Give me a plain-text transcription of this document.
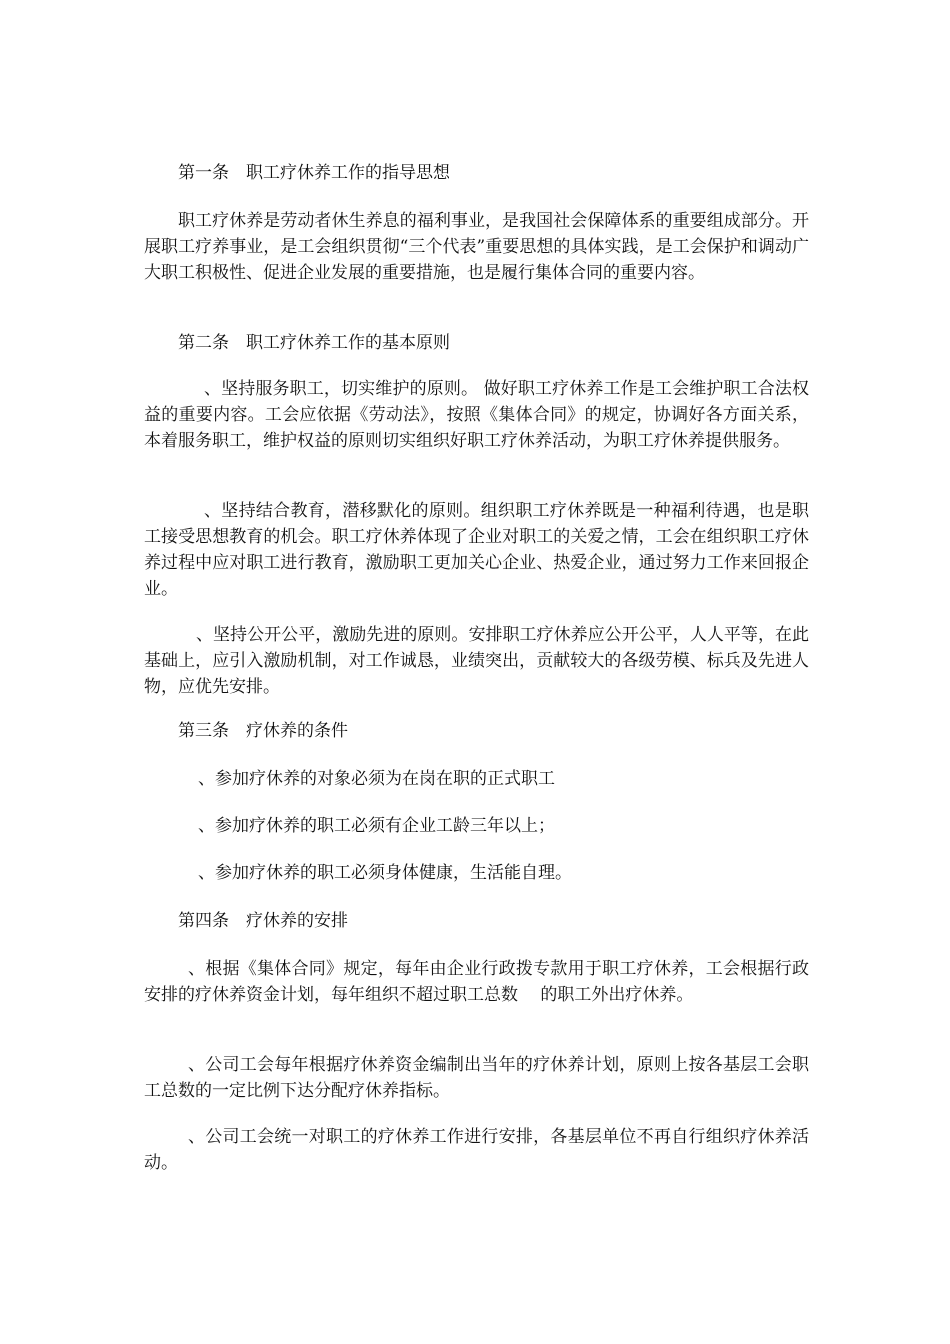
第一条　职工疗休养工作的指导思想

职工疗休养是劳动者休生养息的福利事业，是我国社会保障体系的重要组成部分。开展职工疗养事业，是工会组织贯彻“三个代表”重要思想的具体实践，是工会保护和调动广大职工积极性、促进企业发展的重要措施，也是履行集体合同的重要内容。

第二条　职工疗休养工作的基本原则

、坚持服务职工，切实维护的原则。 做好职工疗休养工作是工会维护职工合法权益的重要内容。工会应依据《劳动法》，按照《集体合同》的规定，协调好各方面关系，本着服务职工，维护权益的原则切实组织好职工疗休养活动，为职工疗休养提供服务。

、坚持结合教育，潜移默化的原则。组织职工疗休养既是一种福利待遇，也是职工接受思想教育的机会。职工疗休养体现了企业对职工的关爱之情，工会在组织职工疗休养过程中应对职工进行教育，激励职工更加关心企业、热爱企业，通过努力工作来回报企业。

、坚持公开公平，激励先进的原则。安排职工疗休养应公开公平，人人平等，在此基础上，应引入激励机制，对工作诚恳，业绩突出，贡献较大的各级劳模、标兵及先进人物，应优先安排。

第三条　疗休养的条件

、参加疗休养的对象必须为在岗在职的正式职工

、参加疗休养的职工必须有企业工龄三年以上；

、参加疗休养的职工必须身体健康，生活能自理。

第四条　疗休养的安排

、根据《集体合同》规定，每年由企业行政拨专款用于职工疗休养，工会根据行政安排的疗休养资金计划，每年组织不超过职工总数　 的职工外出疗休养。

、公司工会每年根据疗休养资金编制出当年的疗休养计划，原则上按各基层工会职工总数的一定比例下达分配疗休养指标。

、公司工会统一对职工的疗休养工作进行安排，各基层单位不再自行组织疗休养活动。
